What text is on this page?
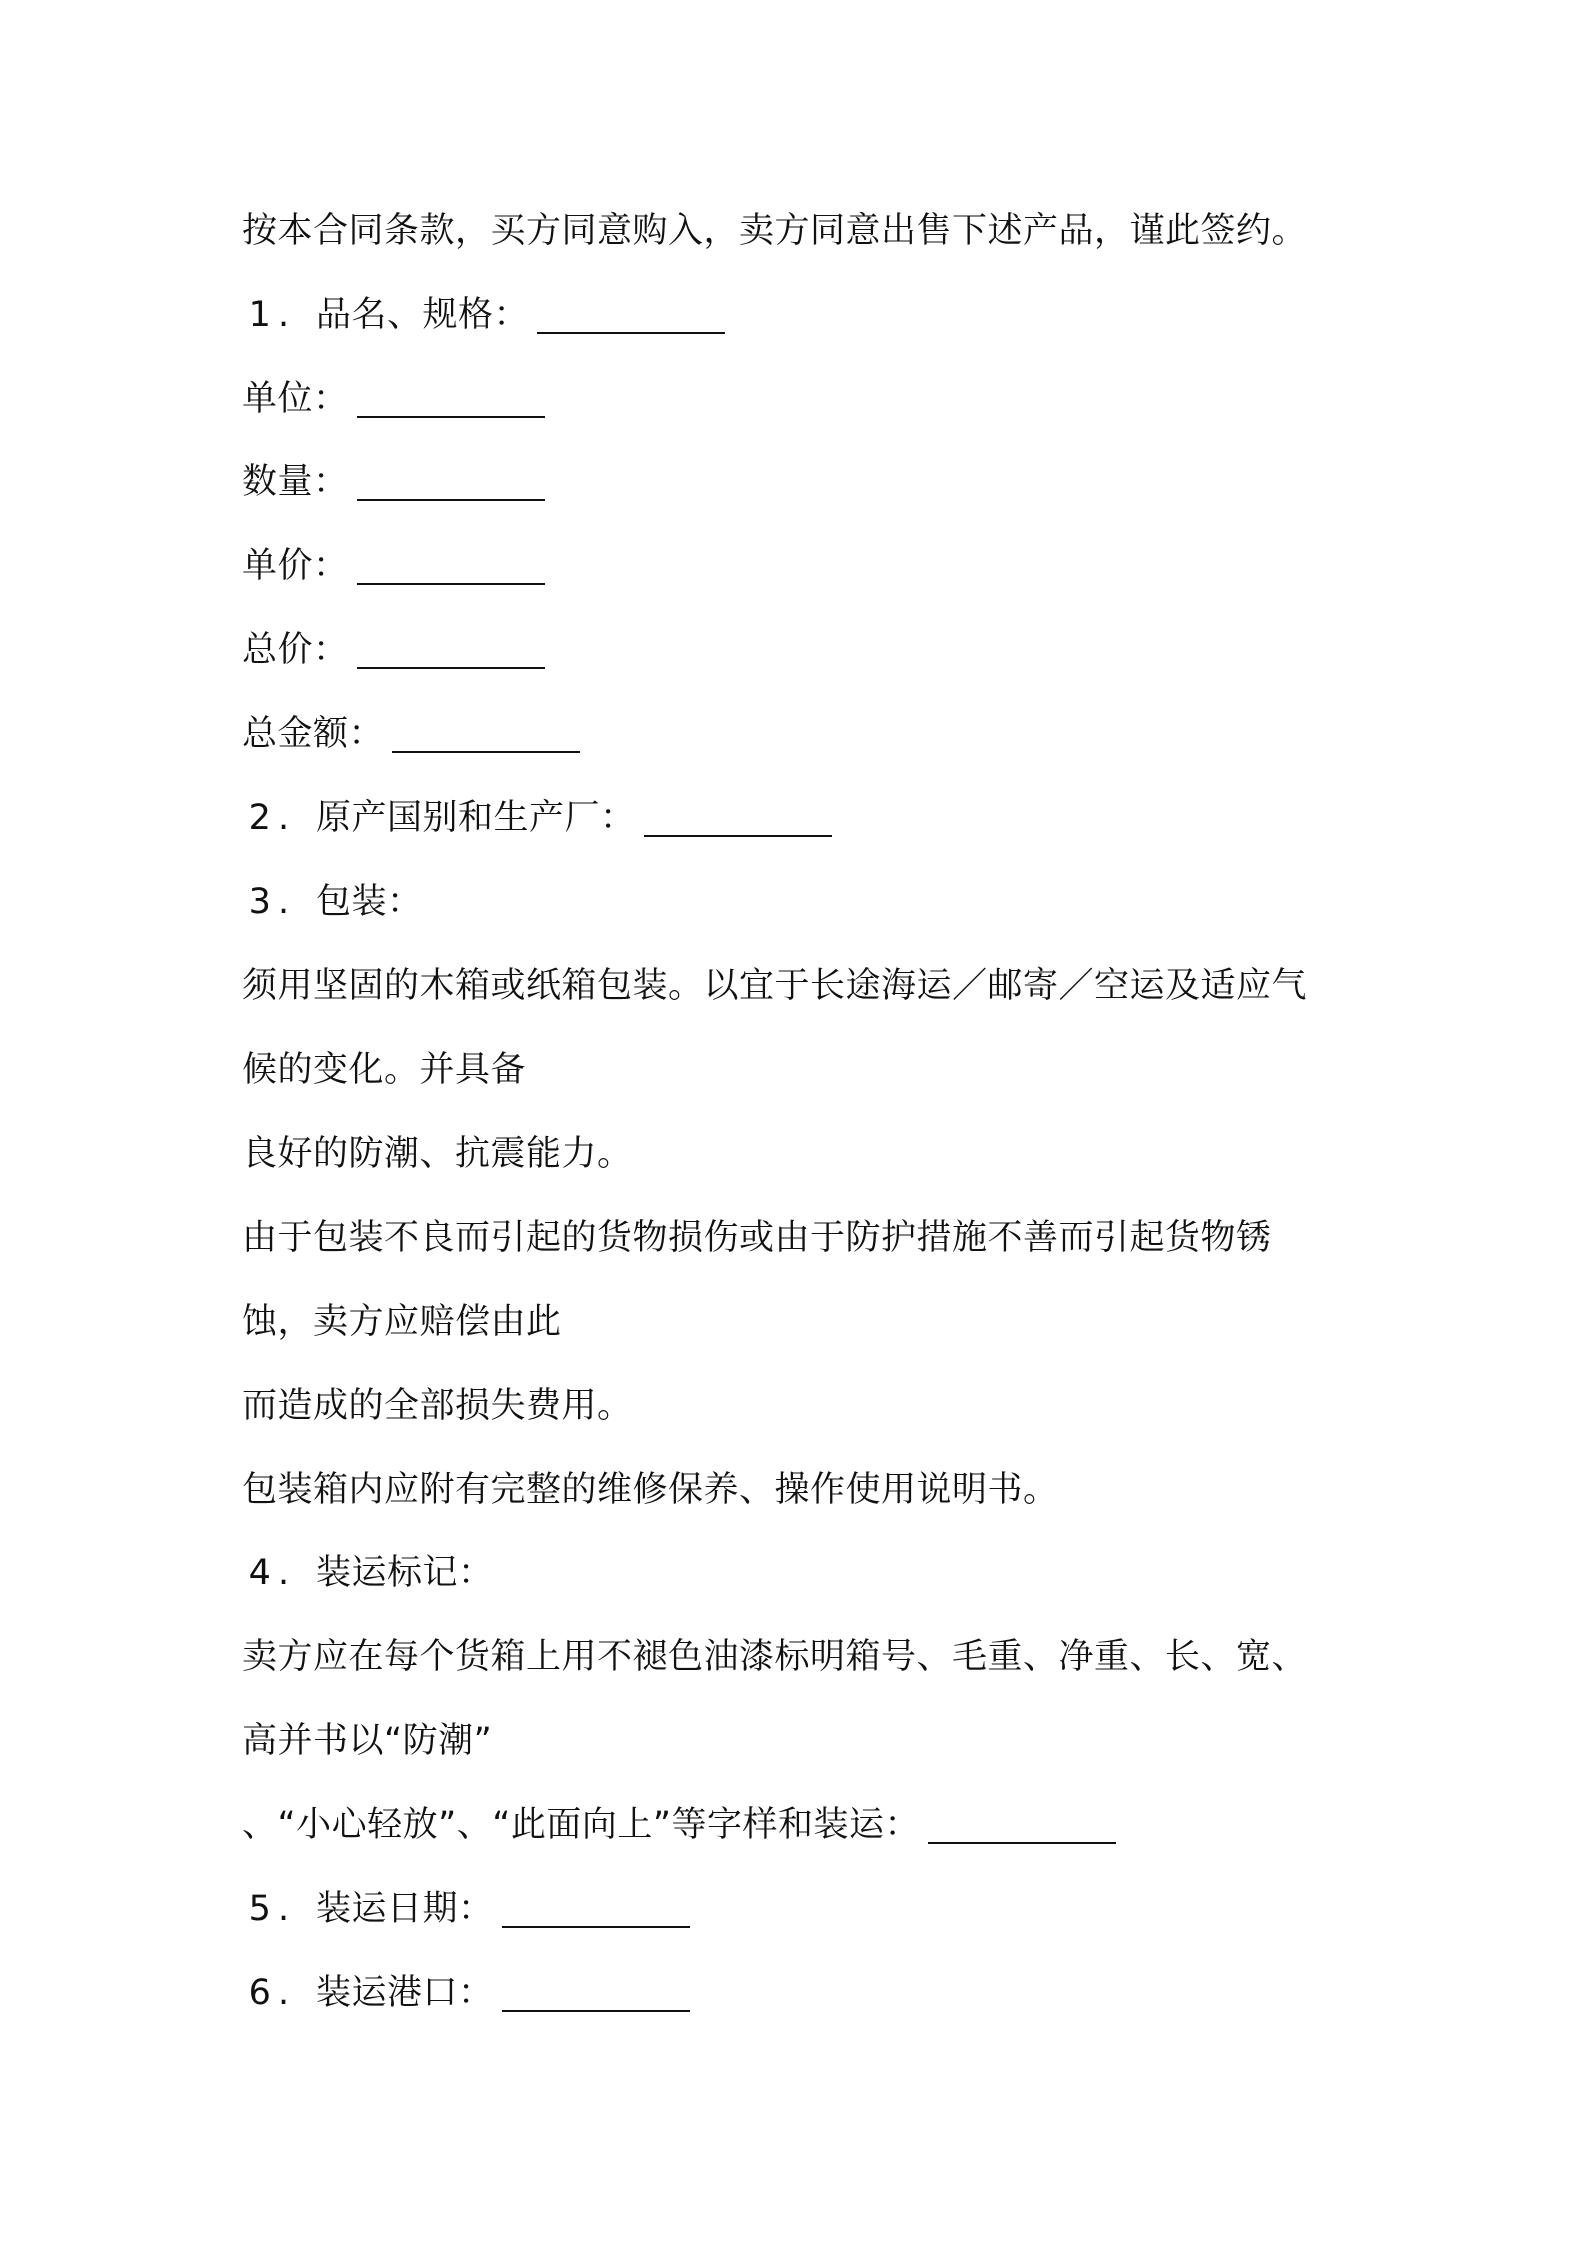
按本合同条款，买方同意购入，卖方同意出售下述产品，谨此签约。
1 . 品名、规格：
单位：
数量：
单价：
总价：
总金额：
2 . 原产国别和生产厂：
3 . 包装：
须用坚固的木箱或纸箱包装。以宜于长途海运／邮寄／空运及适应气
候的变化。并具备
良好的防潮、抗震能力。
由于包装不良而引起的货物损伤或由于防护措施不善而引起货物锈
蚀，卖方应赔偿由此
而造成的全部损失费用。
包装箱内应附有完整的维修保养、操作使用说明书。
4 . 装运标记：
卖方应在每个货箱上用不褪色油漆标明箱号、毛重、净重、长、宽、
高并书以“防潮”
、“小心轻放”、“此面向上”等字样和装运：
5 . 装运日期：
6 . 装运港口：
